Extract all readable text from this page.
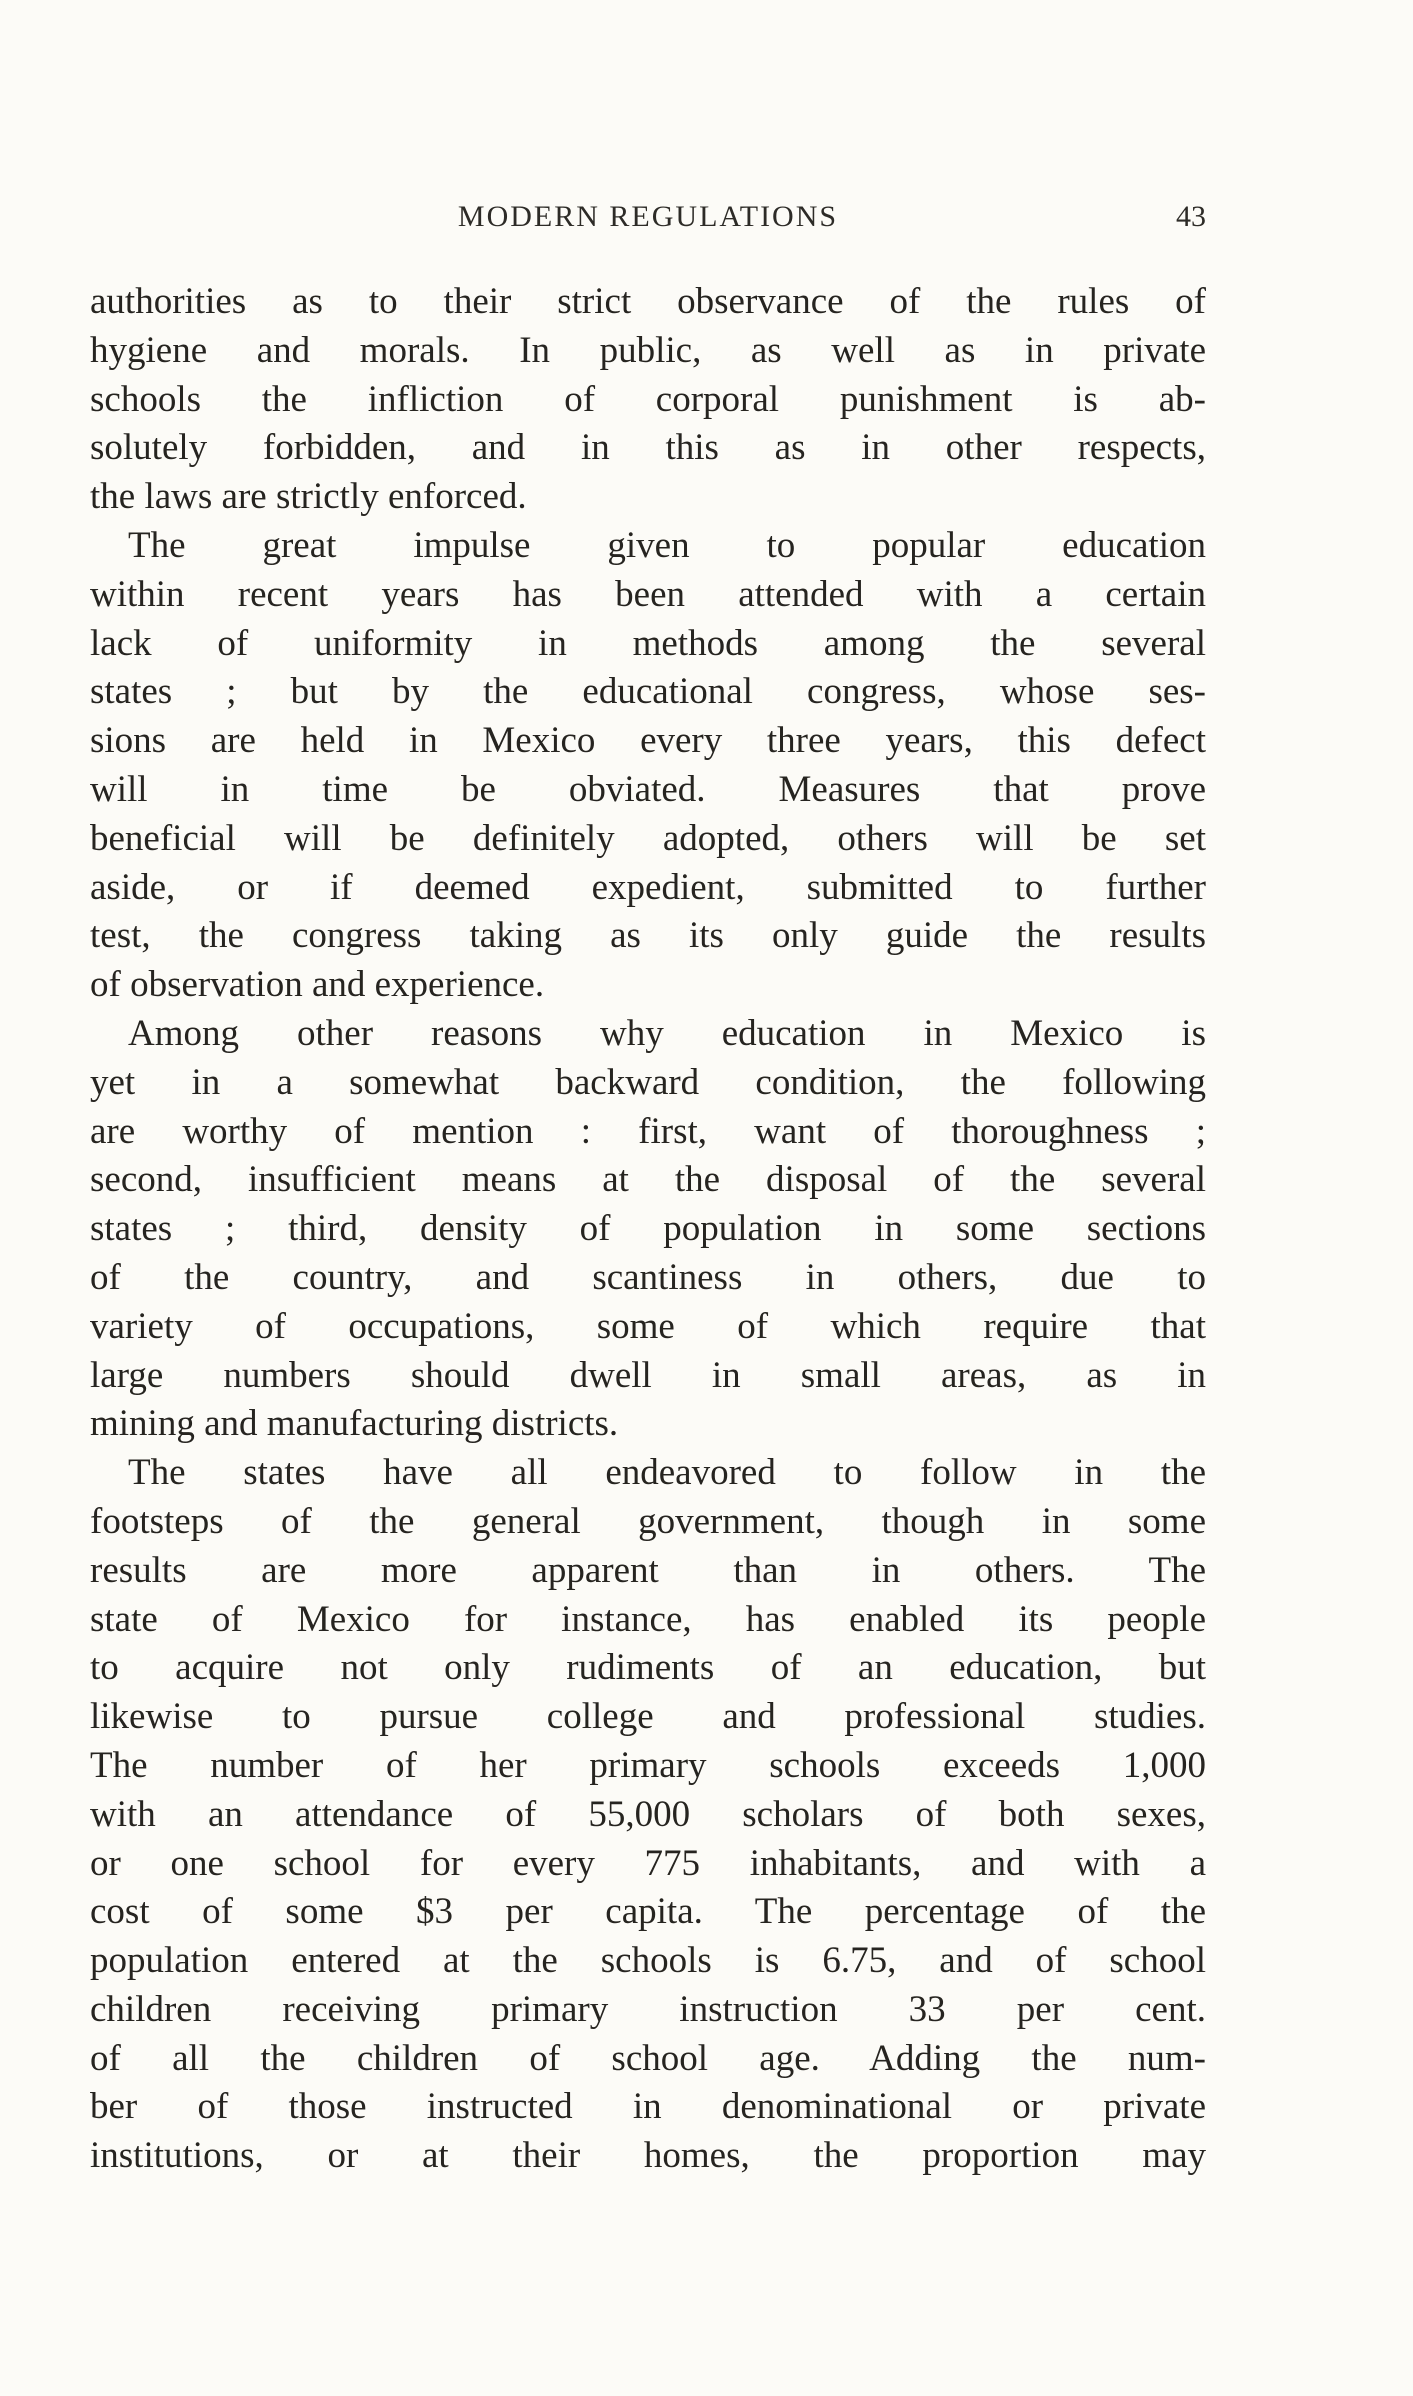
MODERN REGULATIONS	43
authorities as to their strict observance of the rules of
hygiene and morals. In public, as well as in private
schools the infliction of corporal punishment is ab-
solutely forbidden, and in this as in other respects,
the laws are strictly enforced.
The great impulse given to popular education
within recent years has been attended with a certain
lack of uniformity in methods among the several
states ; but by the educational congress, whose ses-
sions are held in Mexico every three years, this defect
will in time be obviated. Measures that prove
beneficial will be definitely adopted, others will be set
aside, or if deemed expedient, submitted to further
test, the congress taking as its only guide the results
of observation and experience.
Among other reasons why education in Mexico is
yet in a somewhat backward condition, the following
are worthy of mention : first, want of thoroughness ;
second, insufficient means at the disposal of the several
states ; third, density of population in some sections
of the country, and scantiness in others, due to
variety of occupations, some of which require that
large numbers should dwell in small areas, as in
mining and manufacturing districts.
The states have all endeavored to follow in the
footsteps of the general government, though in some
results are more apparent than in others. The
state of Mexico for instance, has enabled its people
to acquire not only rudiments of an education, but
likewise to pursue college and professional studies.
The number of her primary schools exceeds 1,000
with an attendance of 55,000 scholars of both sexes,
or one school for every 775 inhabitants, and with a
cost of some $3 per capita. The percentage of the
population entered at the schools is 6.75, and of school
children receiving primary instruction 33 per cent.
of all the children of school age. Adding the num-
ber of those instructed in denominational or private
institutions, or at their homes, the proportion may
